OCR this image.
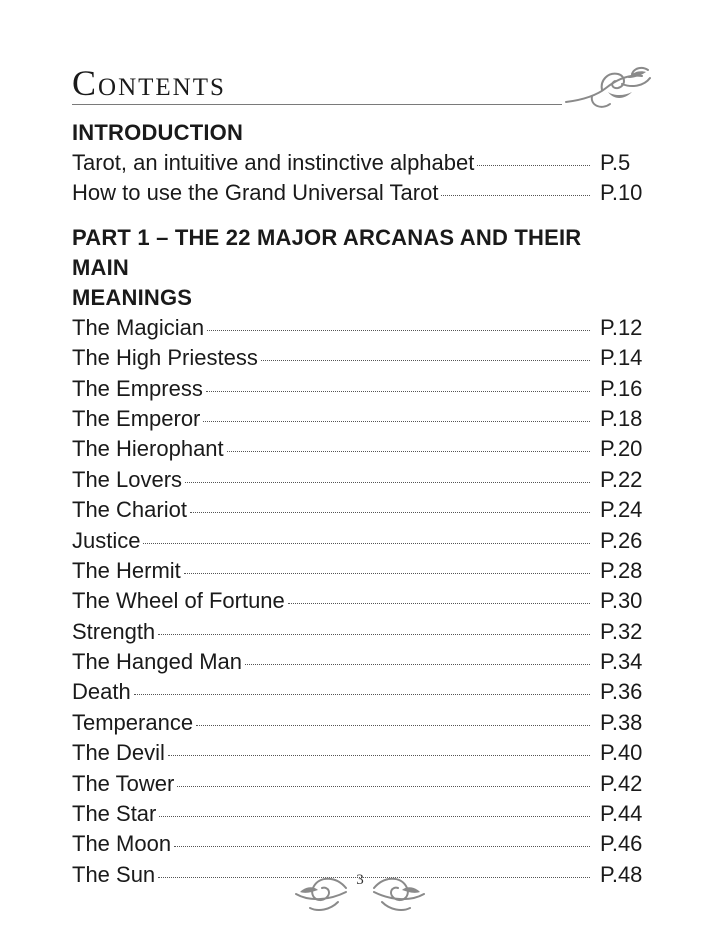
Contents

INTRODUCTION

Tarot, an intuitive and instinctive alphabet	P.5
How to use the Grand Universal Tarot	P.10

PART 1 – THE 22 MAJOR ARCANAS AND THEIR MAIN

MEANINGS

The Magician	P.12
The High Priestess	P.14
The Empress	P.16
The Emperor	P.18
The Hierophant	P.20
The Lovers	P.22
The Chariot	P.24
Justice	P.26
The Hermit	P.28
The Wheel of Fortune	P.30
Strength	P.32
The Hanged Man	P.34
Death	P.36
Temperance	P.38
The Devil	P.40
The Tower	P.42
The Star	P.44
The Moon	P.46
The Sun	P.48
3
